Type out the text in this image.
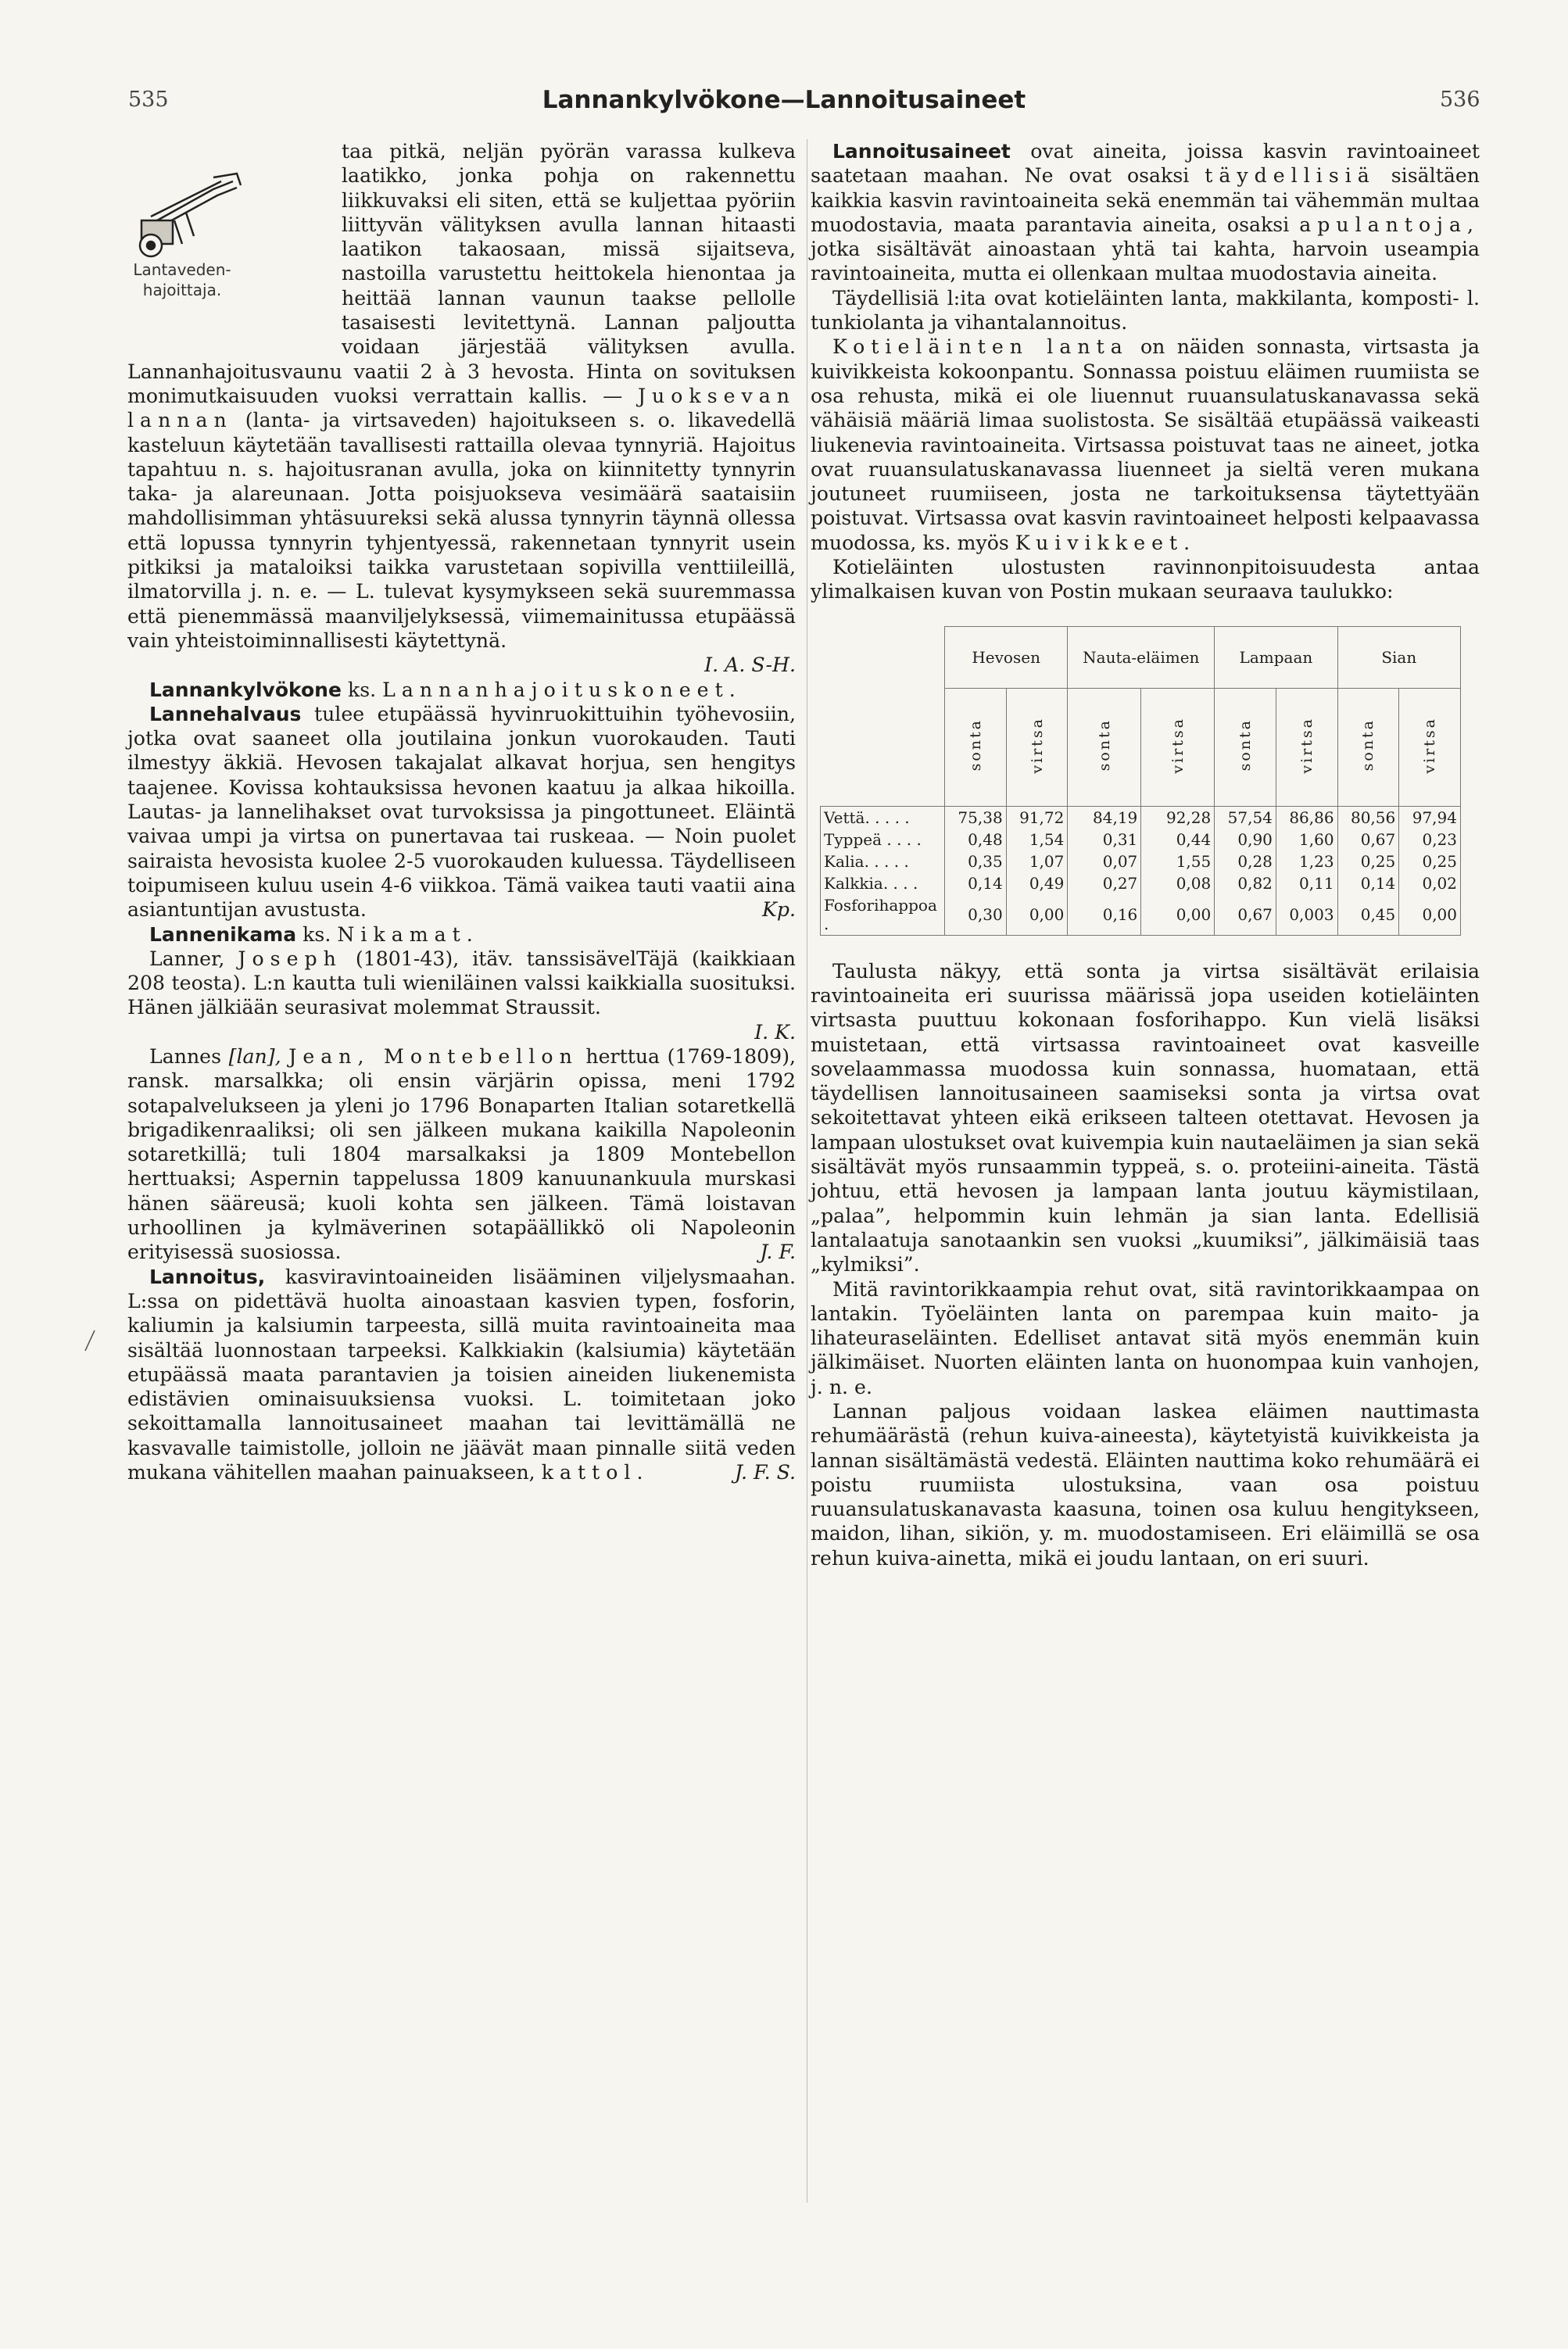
535	Lannankylvökone—Lannoitusaineet	536

Lantaveden-hajoittaja.
taa pitkä, neljän pyörän varassa kulkeva laatikko, jonka pohja on rakennettu liikkuvaksi eli siten, että se kuljettaa pyöriin liittyvän välityksen avulla lannan hitaasti laatikon takaosaan, missä sijaitseva, nastoilla varustettu heittokela hienontaa ja heittää lannan vaunun taakse pellolle tasaisesti levitettynä. Lannan paljoutta voidaan järjestää välityksen avulla. Lannanhajoitusvaunu vaatii 2 à 3 hevosta. Hinta on sovituksen monimutkaisuuden vuoksi verrattain kallis. — Juoksevan lannan (lanta- ja virtsaveden) hajoitukseen s. o. likavedellä kasteluun käytetään tavallisesti rattailla olevaa tynnyriä. Hajoitus tapahtuu n. s. hajoitusranan avulla, joka on kiinnitetty tynnyrin taka- ja alareunaan. Jotta poisjuokseva vesimäärä saataisiin mahdollisimman yhtäsuureksi sekä alussa tynnyrin täynnä ollessa että lopussa tynnyrin tyhjentyessä, rakennetaan tynnyrit usein pitkiksi ja mataloiksi taikka varustetaan sopivilla venttiileillä, ilmatorvilla j. n. e. — L. tulevat kysymykseen sekä suuremmassa että pienemmässä maanviljelyksessä, viimemainitussa etupäässä vain yhteistoiminnallisesti käytettynä.

I. A. S-H.

Lannankylvökone ks. Lannanhajoituskoneet.

Lannehalvaus tulee etupäässä hyvinruokittuihin työhevosiin, jotka ovat saaneet olla joutilaina jonkun vuorokauden. Tauti ilmestyy äkkiä. Hevosen takajalat alkavat horjua, sen hengitys taajenee. Kovissa kohtauksissa hevonen kaatuu ja alkaa hikoilla. Lautas- ja lannelihakset ovat turvoksissa ja pingottuneet. Eläintä vaivaa umpi ja virtsa on punertavaa tai ruskeaa. — Noin puolet sairaista hevosista kuolee 2-5 vuorokauden kuluessa. Täydelliseen toipumiseen kuluu usein 4-6 viikkoa. Tämä vaikea tauti vaatii aina asiantuntijan avustusta.	Kp.

Lannenikama ks. Nikamat.

Lanner, Joseph (1801-43), itäv. tanssisävelTäjä (kaikkiaan 208 teosta). L:n kautta tuli wieniläinen valssi kaikkialla suosituksi. Hänen jälkiään seurasivat molemmat Straussit.

I. K.

Lannes [lan], Jean, Montebellon herttua (1769-1809), ransk. marsalkka; oli ensin värjärin opissa, meni 1792 sotapalvelukseen ja yleni jo 1796 Bonaparten Italian sotaretkellä brigadikenraaliksi; oli sen jälkeen mukana kaikilla Napoleonin sotaretkillä; tuli 1804 marsalkaksi ja 1809 Montebellon herttuaksi; Aspernin tappelussa 1809 kanuunankuula murskasi hänen sääreusä; kuoli kohta sen jälkeen. Tämä loistavan urhoollinen ja kylmäverinen sotapäällikkö oli Napoleonin erityisessä suosiossa.	J. F.

Lannoitus, kasviravintoaineiden lisääminen viljelysmaahan. L:ssa on pidettävä huolta ainoastaan kasvien typen, fosforin, kaliumin ja kalsiumin tarpeesta, sillä muita ravintoaineita maa sisältää luonnostaan tarpeeksi. Kalkkiakin (kalsiumia) käytetään etupäässä maata parantavien ja toisien aineiden liukenemista edistävien ominaisuuksiensa vuoksi. L. toimitetaan joko sekoittamalla lannoitusaineet maahan tai levittämällä ne kasvavalle taimistolle, jolloin ne jäävät maan pinnalle siitä veden mukana vähitellen maahan painuakseen, kattol.	J. F. S.

Lannoitusaineet ovat aineita, joissa kasvin ravintoaineet saatetaan maahan. Ne ovat osaksi täydellisiä sisältäen kaikkia kasvin ravintoaineita sekä enemmän tai vähemmän multaa muodostavia, maata parantavia aineita, osaksi apulantoja, jotka sisältävät ainoastaan yhtä tai kahta, harvoin useampia ravintoaineita, mutta ei ollenkaan multaa muodostavia aineita.

Täydellisiä l:ita ovat kotieläinten lanta, makkilanta, komposti- l. tunkiolanta ja vihantalannoitus.

Kotieläinten lanta on näiden sonnasta, virtsasta ja kuivikkeista kokoonpantu. Sonnassa poistuu eläimen ruumiista se osa rehusta, mikä ei ole liuennut ruuansulatuskanavassa sekä vähäisiä määriä limaa suolistosta. Se sisältää etupäässä vaikeasti liukenevia ravintoaineita. Virtsassa poistuvat taas ne aineet, jotka ovat ruuansulatuskanavassa liuenneet ja sieltä veren mukana joutuneet ruumiiseen, josta ne tarkoituksensa täytettyään poistuvat. Virtsassa ovat kasvin ravintoaineet helposti kelpaavassa muodossa, ks. myös Kuivikkeet.

Kotieläinten ulostusten ravinnonpitoisuudesta antaa ylimalkaisen kuvan von Postin mukaan seuraava taulukko:

	Hevosen		Nauta-eläimen		Lampaan		Sian	
	sonta	virtsa	sonta	virtsa	sonta	virtsa	sonta	virtsa
Vettä. . . . .	75,38	91,72	84,19	92,28	57,54	86,86	80,56	97,94
Typpeä . . . .	0,48	1,54	0,31	0,44	0,90	1,60	0,67	0,23
Kalia. . . . .	0,35	1,07	0,07	1,55	0,28	1,23	0,25	0,25
Kalkkia. . . .	0,14	0,49	0,27	0,08	0,82	0,11	0,14	0,02
Fosforihappoa .	0,30	0,00	0,16	0,00	0,67	0,003	0,45	0,00

Taulusta näkyy, että sonta ja virtsa sisältävät erilaisia ravintoaineita eri suurissa määrissä jopa useiden kotieläinten virtsasta puuttuu kokonaan fosforihappo. Kun vielä lisäksi muistetaan, että virtsassa ravintoaineet ovat kasveille sovelaammassa muodossa kuin sonnassa, huomataan, että täydellisen lannoitusaineen saamiseksi sonta ja virtsa ovat sekoitettavat yhteen eikä erikseen talteen otettavat. Hevosen ja lampaan ulostukset ovat kuivempia kuin nautaeläimen ja sian sekä sisältävät myös runsaammin typpeä, s. o. proteiini-aineita. Tästä johtuu, että hevosen ja lampaan lanta joutuu käymistilaan, „palaa”, helpommin kuin lehmän ja sian lanta. Edellisiä lantalaatuja sanotaankin sen vuoksi „kuumiksi”, jälkimäisiä taas „kylmiksi”.

Mitä ravintorikkaampia rehut ovat, sitä ravintorikkaampaa on lantakin. Työeläinten lanta on parempaa kuin maito- ja lihateuraseläinten. Edelliset antavat sitä myös enemmän kuin jälkimäiset. Nuorten eläinten lanta on huonompaa kuin vanhojen, j. n. e.

Lannan paljous voidaan laskea eläimen nauttimasta rehumäärästä (rehun kuiva-aineesta), käytetyistä kuivikkeista ja lannan sisältämästä vedestä. Eläinten nauttima koko rehumäärä ei poistu ruumiista ulostuksina, vaan osa poistuu ruuansulatuskanavasta kaasuna, toinen osa kuluu hengitykseen, maidon, lihan, sikiön, y. m. muodostamiseen. Eri eläimillä se osa rehun kuiva-ainetta, mikä ei joudu lantaan, on eri suuri.
